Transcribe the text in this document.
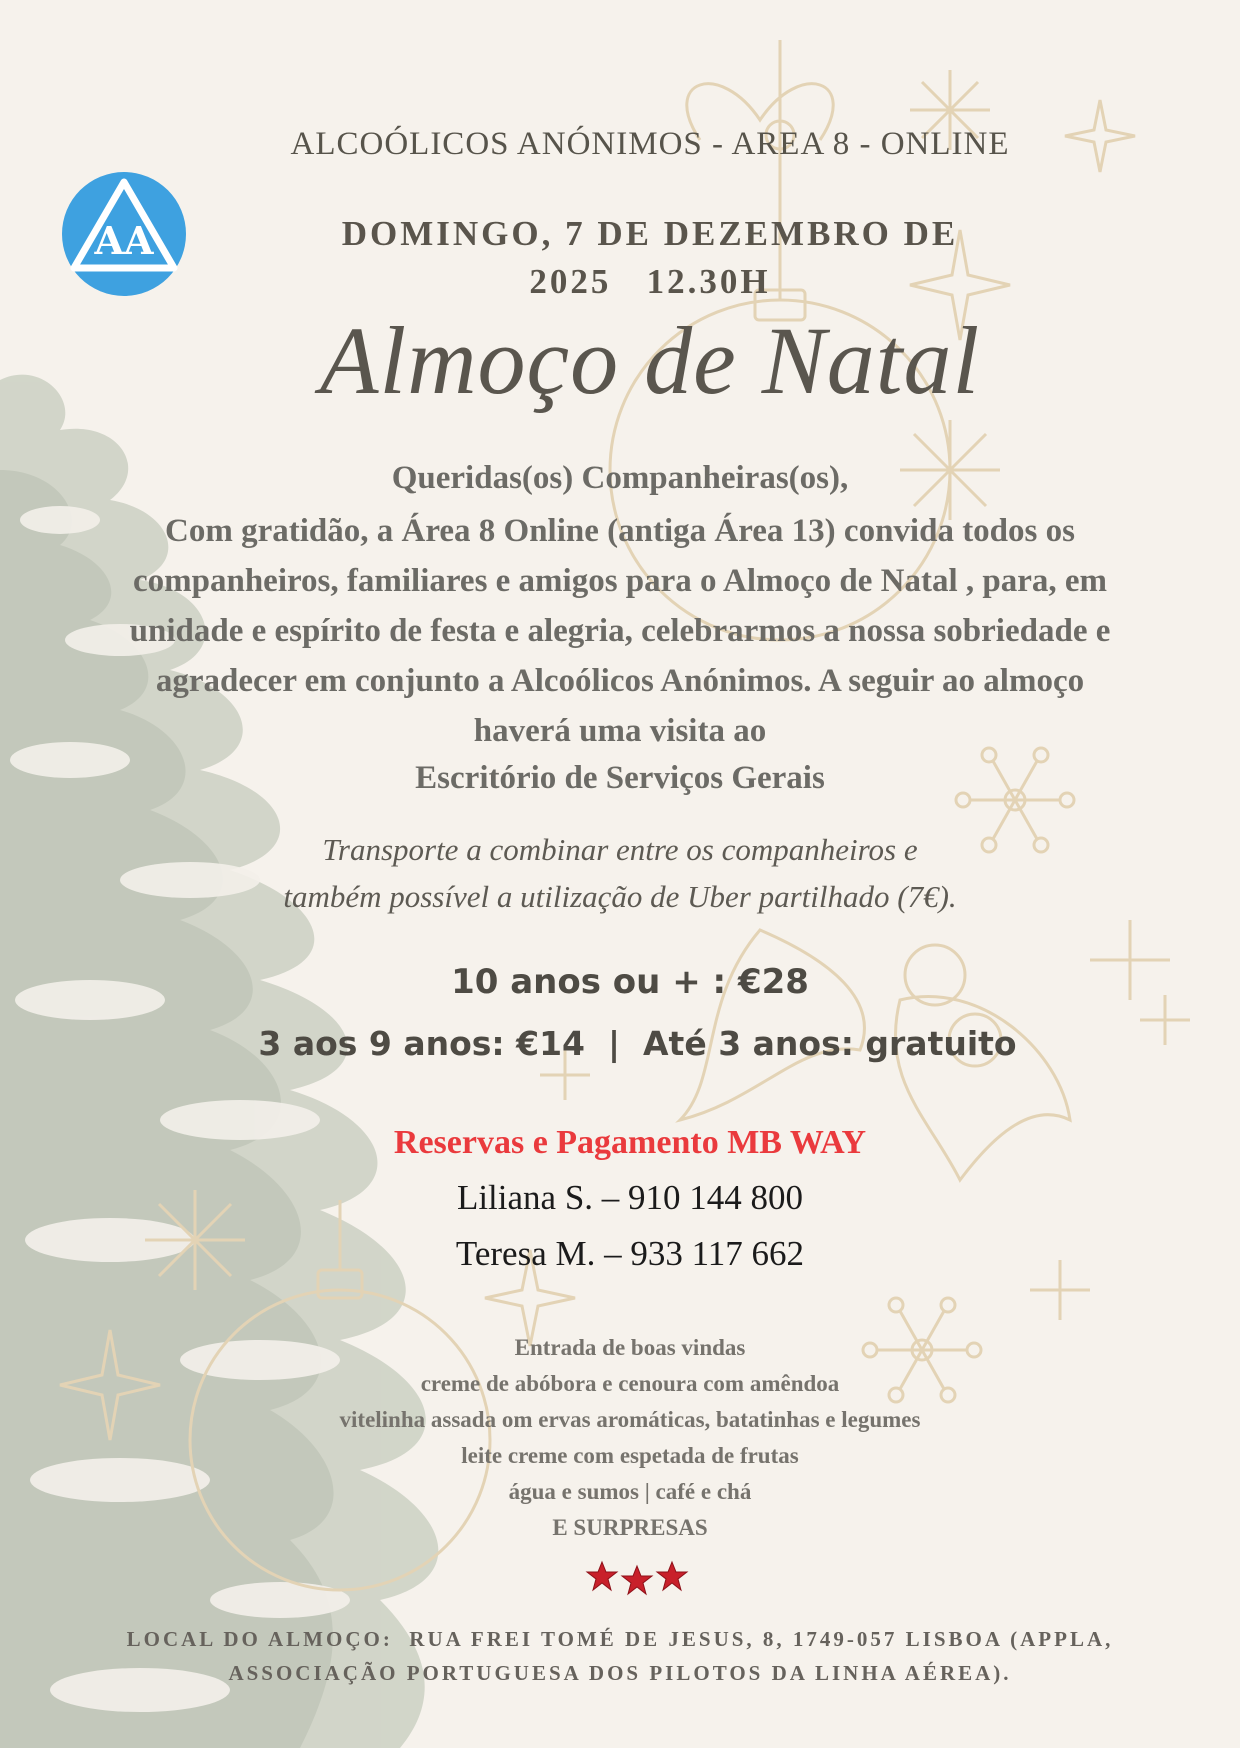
AA
ALCOÓLICOS ANÓNIMOS - AREA 8 - ONLINE
DOMINGO, 7 DE DEZEMBRO DE
2025   12.30H
Almoço de Natal
Queridas(os) Companheiras(os),
Com gratidão, a Área 8 Online (antiga Área 13) convida todos os
companheiros, familiares e amigos para o Almoço de Natal , para, em
unidade e espírito de festa e alegria, celebrarmos a nossa sobriedade e
agradecer em conjunto a Alcoólicos Anónimos. A seguir ao almoço
haverá uma visita ao
Escritório de Serviços Gerais
Transporte a combinar entre os companheiros e
também possível a utilização de Uber partilhado (7€).
10 anos ou + : €28
3 aos 9 anos: €14  |  Até 3 anos: gratuito
Reservas e Pagamento MB WAY
Liliana S. – 910 144 800
Teresa M. – 933 117 662
Entrada de boas vindas
creme de abóbora e cenoura com amêndoa
vitelinha assada om ervas aromáticas, batatinhas e legumes
leite creme com espetada de frutas
água e sumos | café e chá
E SURPRESAS
LOCAL DO ALMOÇO:  RUA FREI TOMÉ DE JESUS, 8, 1749-057 LISBOA (APPLA,
ASSOCIAÇÃO PORTUGUESA DOS PILOTOS DA LINHA AÉREA).
